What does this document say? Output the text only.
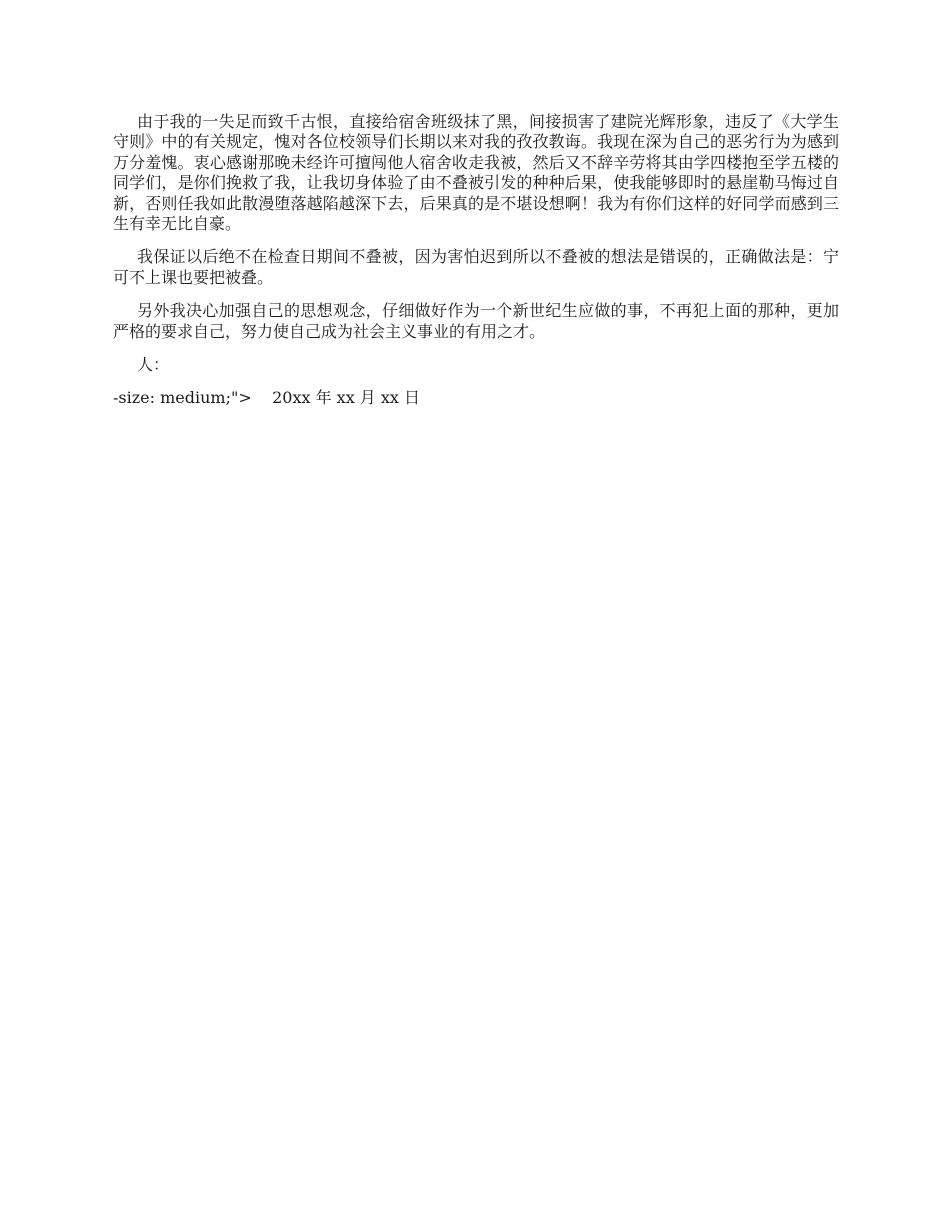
由于我的一失足而致千古恨，直接给宿舍班级抹了黑，间接损害了建院光辉形象，违反了《大学生守则》中的有关规定，愧对各位校领导们长期以来对我的孜孜教诲。我现在深为自己的恶劣行为为感到万分羞愧。衷心感谢那晚未经许可擅闯他人宿舍收走我被，然后又不辞辛劳将其由学四楼抱至学五楼的同学们，是你们挽救了我，让我切身体验了由不叠被引发的种种后果，使我能够即时的悬崖勒马悔过自新，否则任我如此散漫堕落越陷越深下去，后果真的是不堪设想啊！我为有你们这样的好同学而感到三生有幸无比自豪。

我保证以后绝不在检查日期间不叠被，因为害怕迟到所以不叠被的想法是错误的，正确做法是：宁可不上课也要把被叠。

另外我决心加强自己的思想观念，仔细做好作为一个新世纪生应做的事，不再犯上面的那种，更加严格的要求自己，努力使自己成为社会主义事业的有用之才。

人：

-size: medium;">    20xx 年 xx 月 xx 日
